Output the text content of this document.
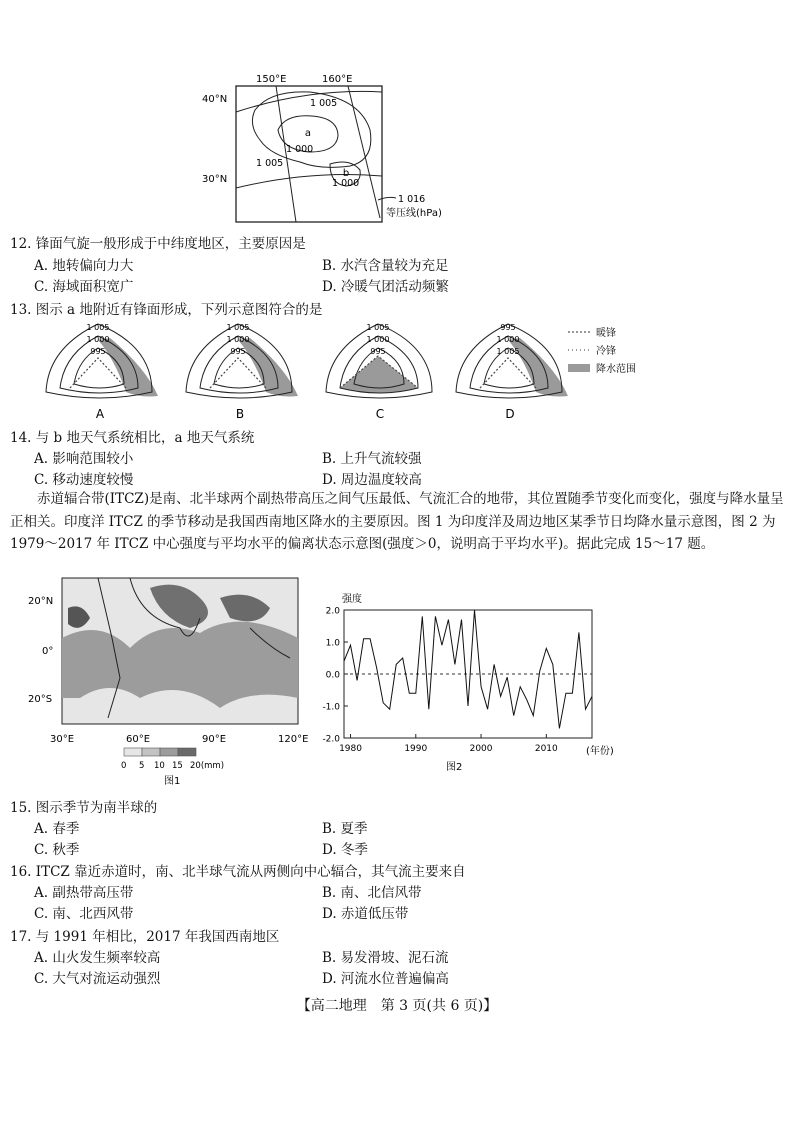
a
b
1 005
1 000
1 005
1 000
1 016
150°E	160°E
40°N
30°N
等压线(hPa)
12. 锋面气旋一般形成于中纬度地区，主要原因是
A. 地转偏向力大	B. 水汽含量较为充足
C. 海域面积宽广	D. 冷暖气团活动频繁
13. 图示 a 地附近有锋面形成，下列示意图符合的是
1 005
1 000
995
A
1 005
1 000
995
B
1 005
1 000
995
C
995
1 000
1 005
D
暖锋
冷锋
降水范围
14. 与 b 地天气系统相比，a 地天气系统
A. 影响范围较小	B. 上升气流较强
C. 移动速度较慢	D. 周边温度较高
赤道辐合带(ITCZ)是南、北半球两个副热带高压之间气压最低、气流汇合的地带，其位置随季节变化而变化，强度与降水量呈正相关。印度洋 ITCZ 的季节移动是我国西南地区降水的主要原因。图 1 为印度洋及周边地区某季节日均降水量示意图，图 2 为 1979～2017 年 ITCZ 中心强度与平均水平的偏离状态示意图(强度＞0，说明高于平均水平)。据此完成 15～17 题。
20°N
0°
20°S
30°E	60°E	90°E	120°E
0 5 10 15 20(mm)
图1
强度
(年份)
图2
2.0
1.0
0.0
-1.0
-2.0
1980	1990	2000	2010
15. 图示季节为南半球的
A. 春季	B. 夏季
C. 秋季	D. 冬季
16. ITCZ 靠近赤道时，南、北半球气流从两侧向中心辐合，其气流主要来自
A. 副热带高压带	B. 南、北信风带
C. 南、北西风带	D. 赤道低压带
17. 与 1991 年相比，2017 年我国西南地区
A. 山火发生频率较高	B. 易发滑坡、泥石流
C. 大气对流运动强烈	D. 河流水位普遍偏高
【高二地理　第 3 页(共 6 页)】
